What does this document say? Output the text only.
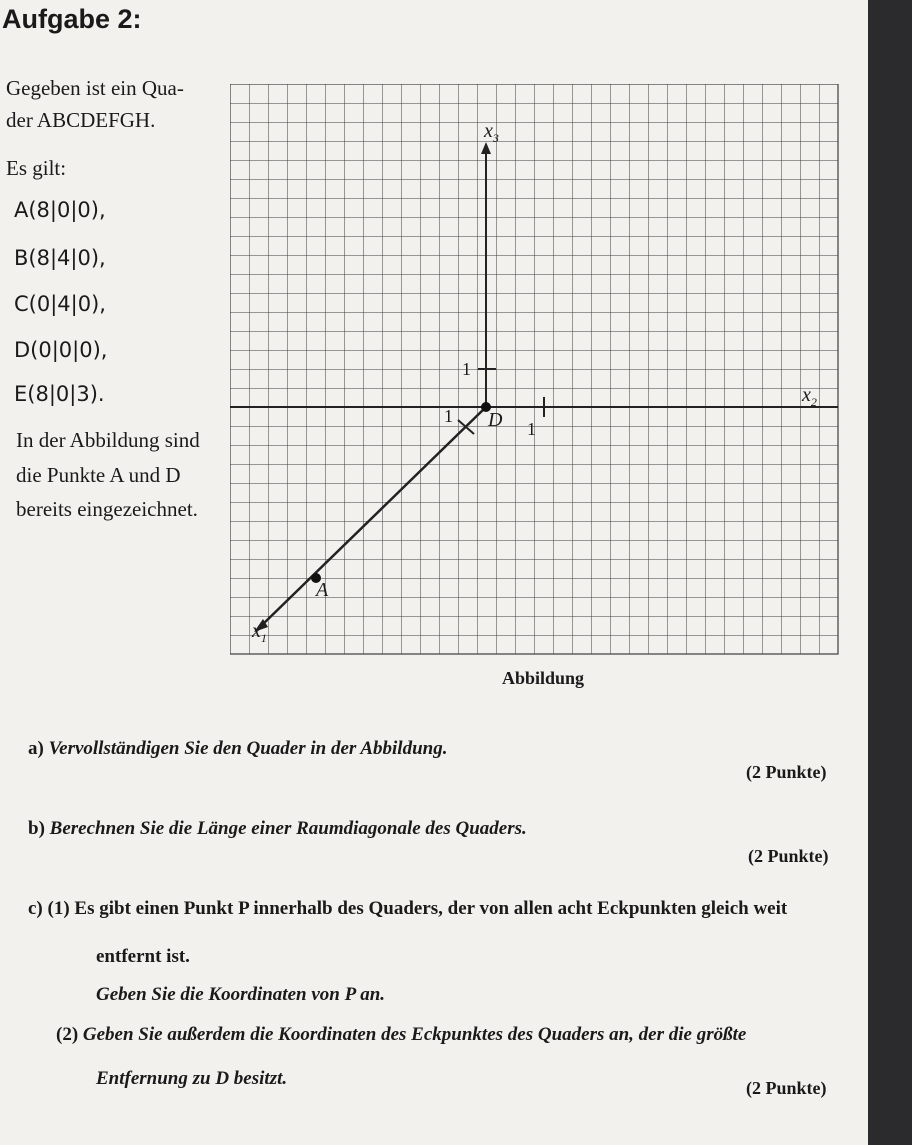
Aufgabe 2:
Gegeben ist ein Qua-
der ABCDEFGH.
Es gilt:
A(8|0|0),
B(8|4|0),
C(0|4|0),
D(0|0|0),
E(8|0|3).
In der Abbildung sind
die Punkte A und D
bereits eingezeichnet.
$x_3$
$x_2$
$x_1$
1
1
1 D
A
Abbildung
a) Vervollständigen Sie den Quader in der Abbildung.
(2 Punkte)
b) Berechnen Sie die Länge einer Raumdiagonale des Quaders.
(2 Punkte)
c) (1) Es gibt einen Punkt P innerhalb des Quaders, der von allen acht Eckpunkten gleich weit
entfernt ist.
Geben Sie die Koordinaten von P an.
(2) Geben Sie außerdem die Koordinaten des Eckpunktes des Quaders an, der die größte
Entfernung zu D besitzt.	(2 Punkte)
